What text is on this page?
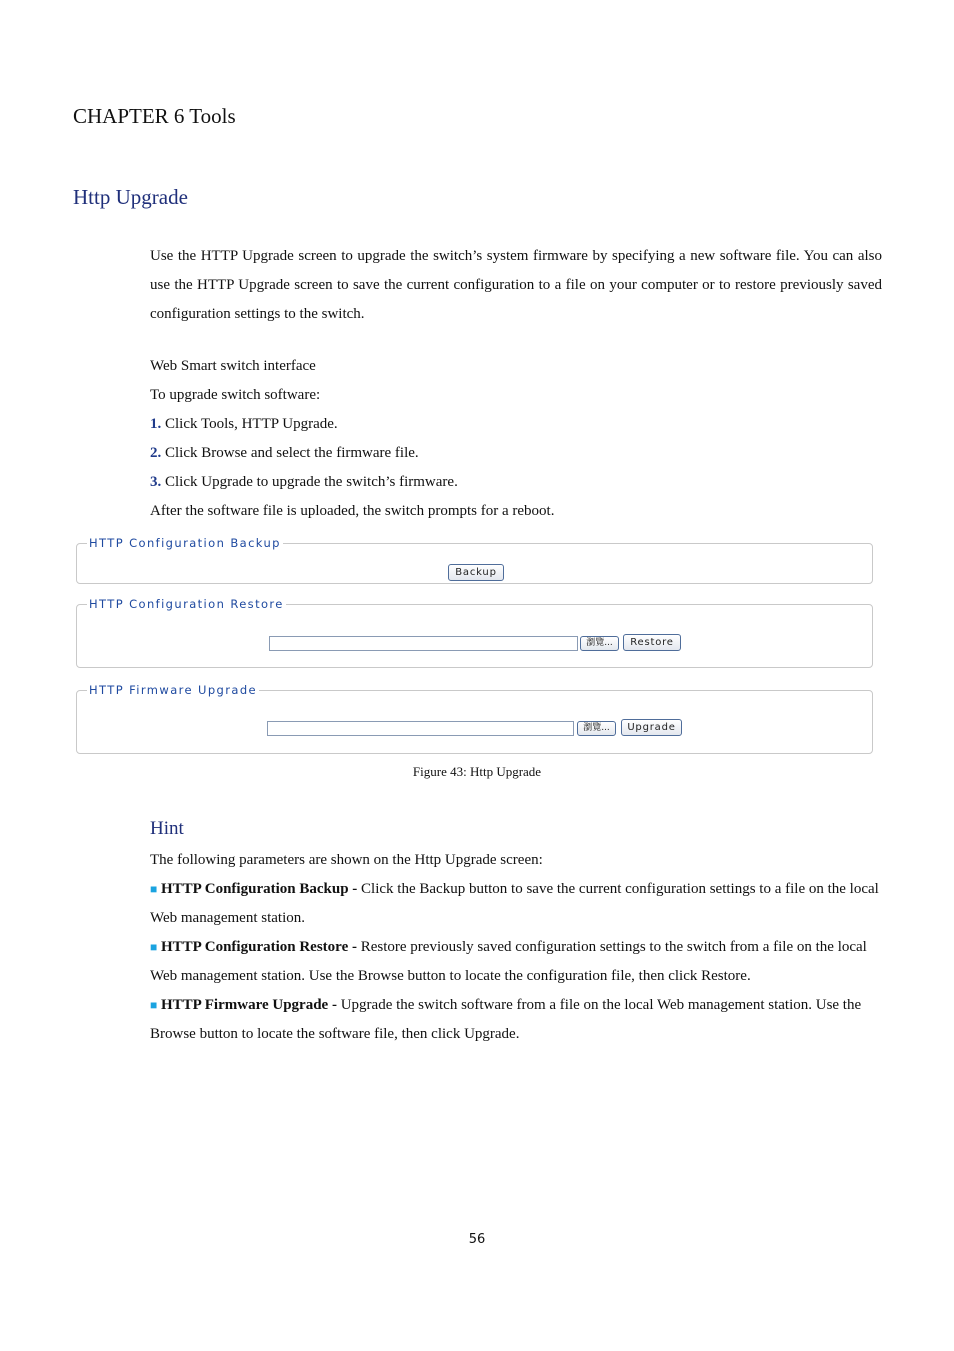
CHAPTER 6 Tools
Http Upgrade

Use the HTTP Upgrade screen to upgrade the switch’s system firmware by specifying a new software file. You can also use the HTTP Upgrade screen to save the current configuration to a file on your computer or to restore previously saved configuration settings to the switch.

Web Smart switch interface
To upgrade switch software:
1. Click Tools, HTTP Upgrade.
2. Click Browse and select the firmware file.
3. Click Upgrade to upgrade the switch’s firmware.
After the software file is uploaded, the switch prompts for a reboot.
HTTP Configuration Backup
Backup
HTTP Configuration Restore
瀏覽...	Restore
HTTP Firmware Upgrade
瀏覽...	Upgrade
Figure 43: Http Upgrade
Hint
The following parameters are shown on the Http Upgrade screen:
■ HTTP Configuration Backup - Click the Backup button to save the current configuration settings to a file on the local Web management station.
■ HTTP Configuration Restore - Restore previously saved configuration settings to the switch from a file on the local Web management station. Use the Browse button to locate the configuration file, then click Restore.
■ HTTP Firmware Upgrade - Upgrade the switch software from a file on the local Web management station. Use the Browse button to locate the software file, then click Upgrade.
56
